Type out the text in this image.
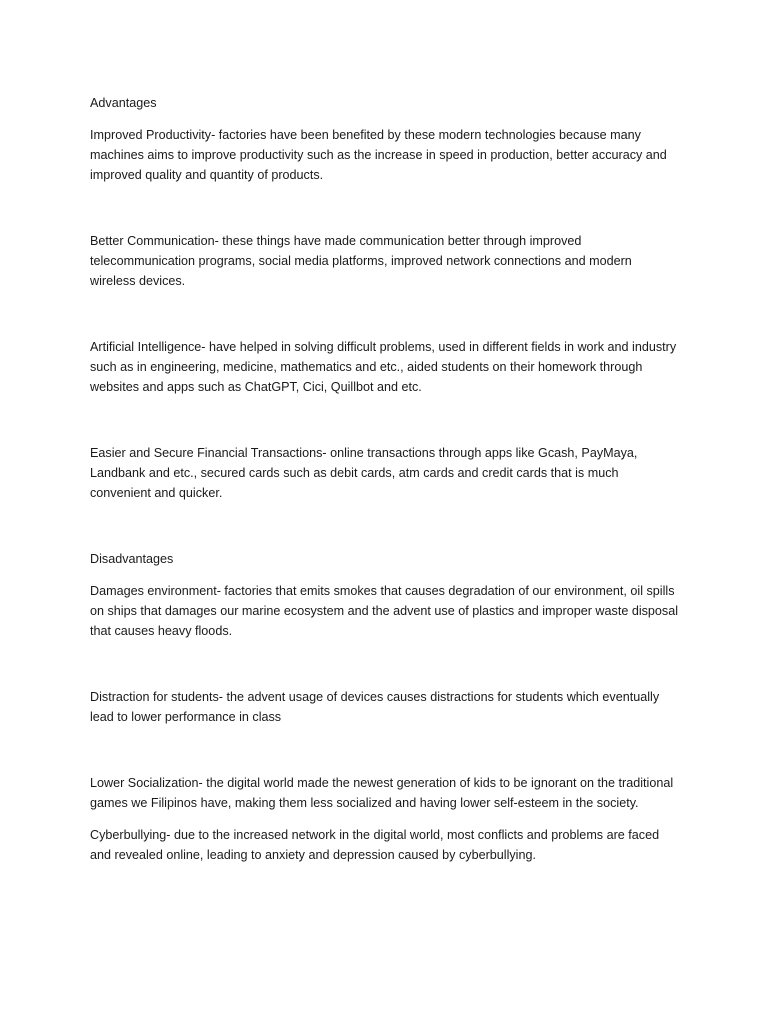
Advantages

Improved Productivity- factories have been benefited by these modern technologies because many machines aims to improve productivity such as the increase in speed in production, better accuracy and improved quality and quantity of products.

Better Communication- these things have made communication better through improved telecommunication programs, social media platforms, improved network connections and modern wireless devices.

Artificial Intelligence- have helped in solving difficult problems, used in different fields in work and industry such as in engineering, medicine, mathematics and etc., aided students on their homework through websites and apps such as ChatGPT, Cici, Quillbot and etc.

Easier and Secure Financial Transactions- online transactions through apps like Gcash, PayMaya, Landbank and etc., secured cards such as debit cards, atm cards and credit cards that is much convenient and quicker.

Disadvantages

Damages environment- factories that emits smokes that causes degradation of our environment, oil spills on ships that damages our marine ecosystem and the advent use of plastics and improper waste disposal that causes heavy floods.

Distraction for students- the advent usage of devices causes distractions for students which eventually lead to lower performance in class

Lower Socialization- the digital world made the newest generation of kids to be ignorant on the traditional games we Filipinos have, making them less socialized and having lower self-esteem in the society.

Cyberbullying- due to the increased network in the digital world, most conflicts and problems are faced and revealed online, leading to anxiety and depression caused by cyberbullying.
